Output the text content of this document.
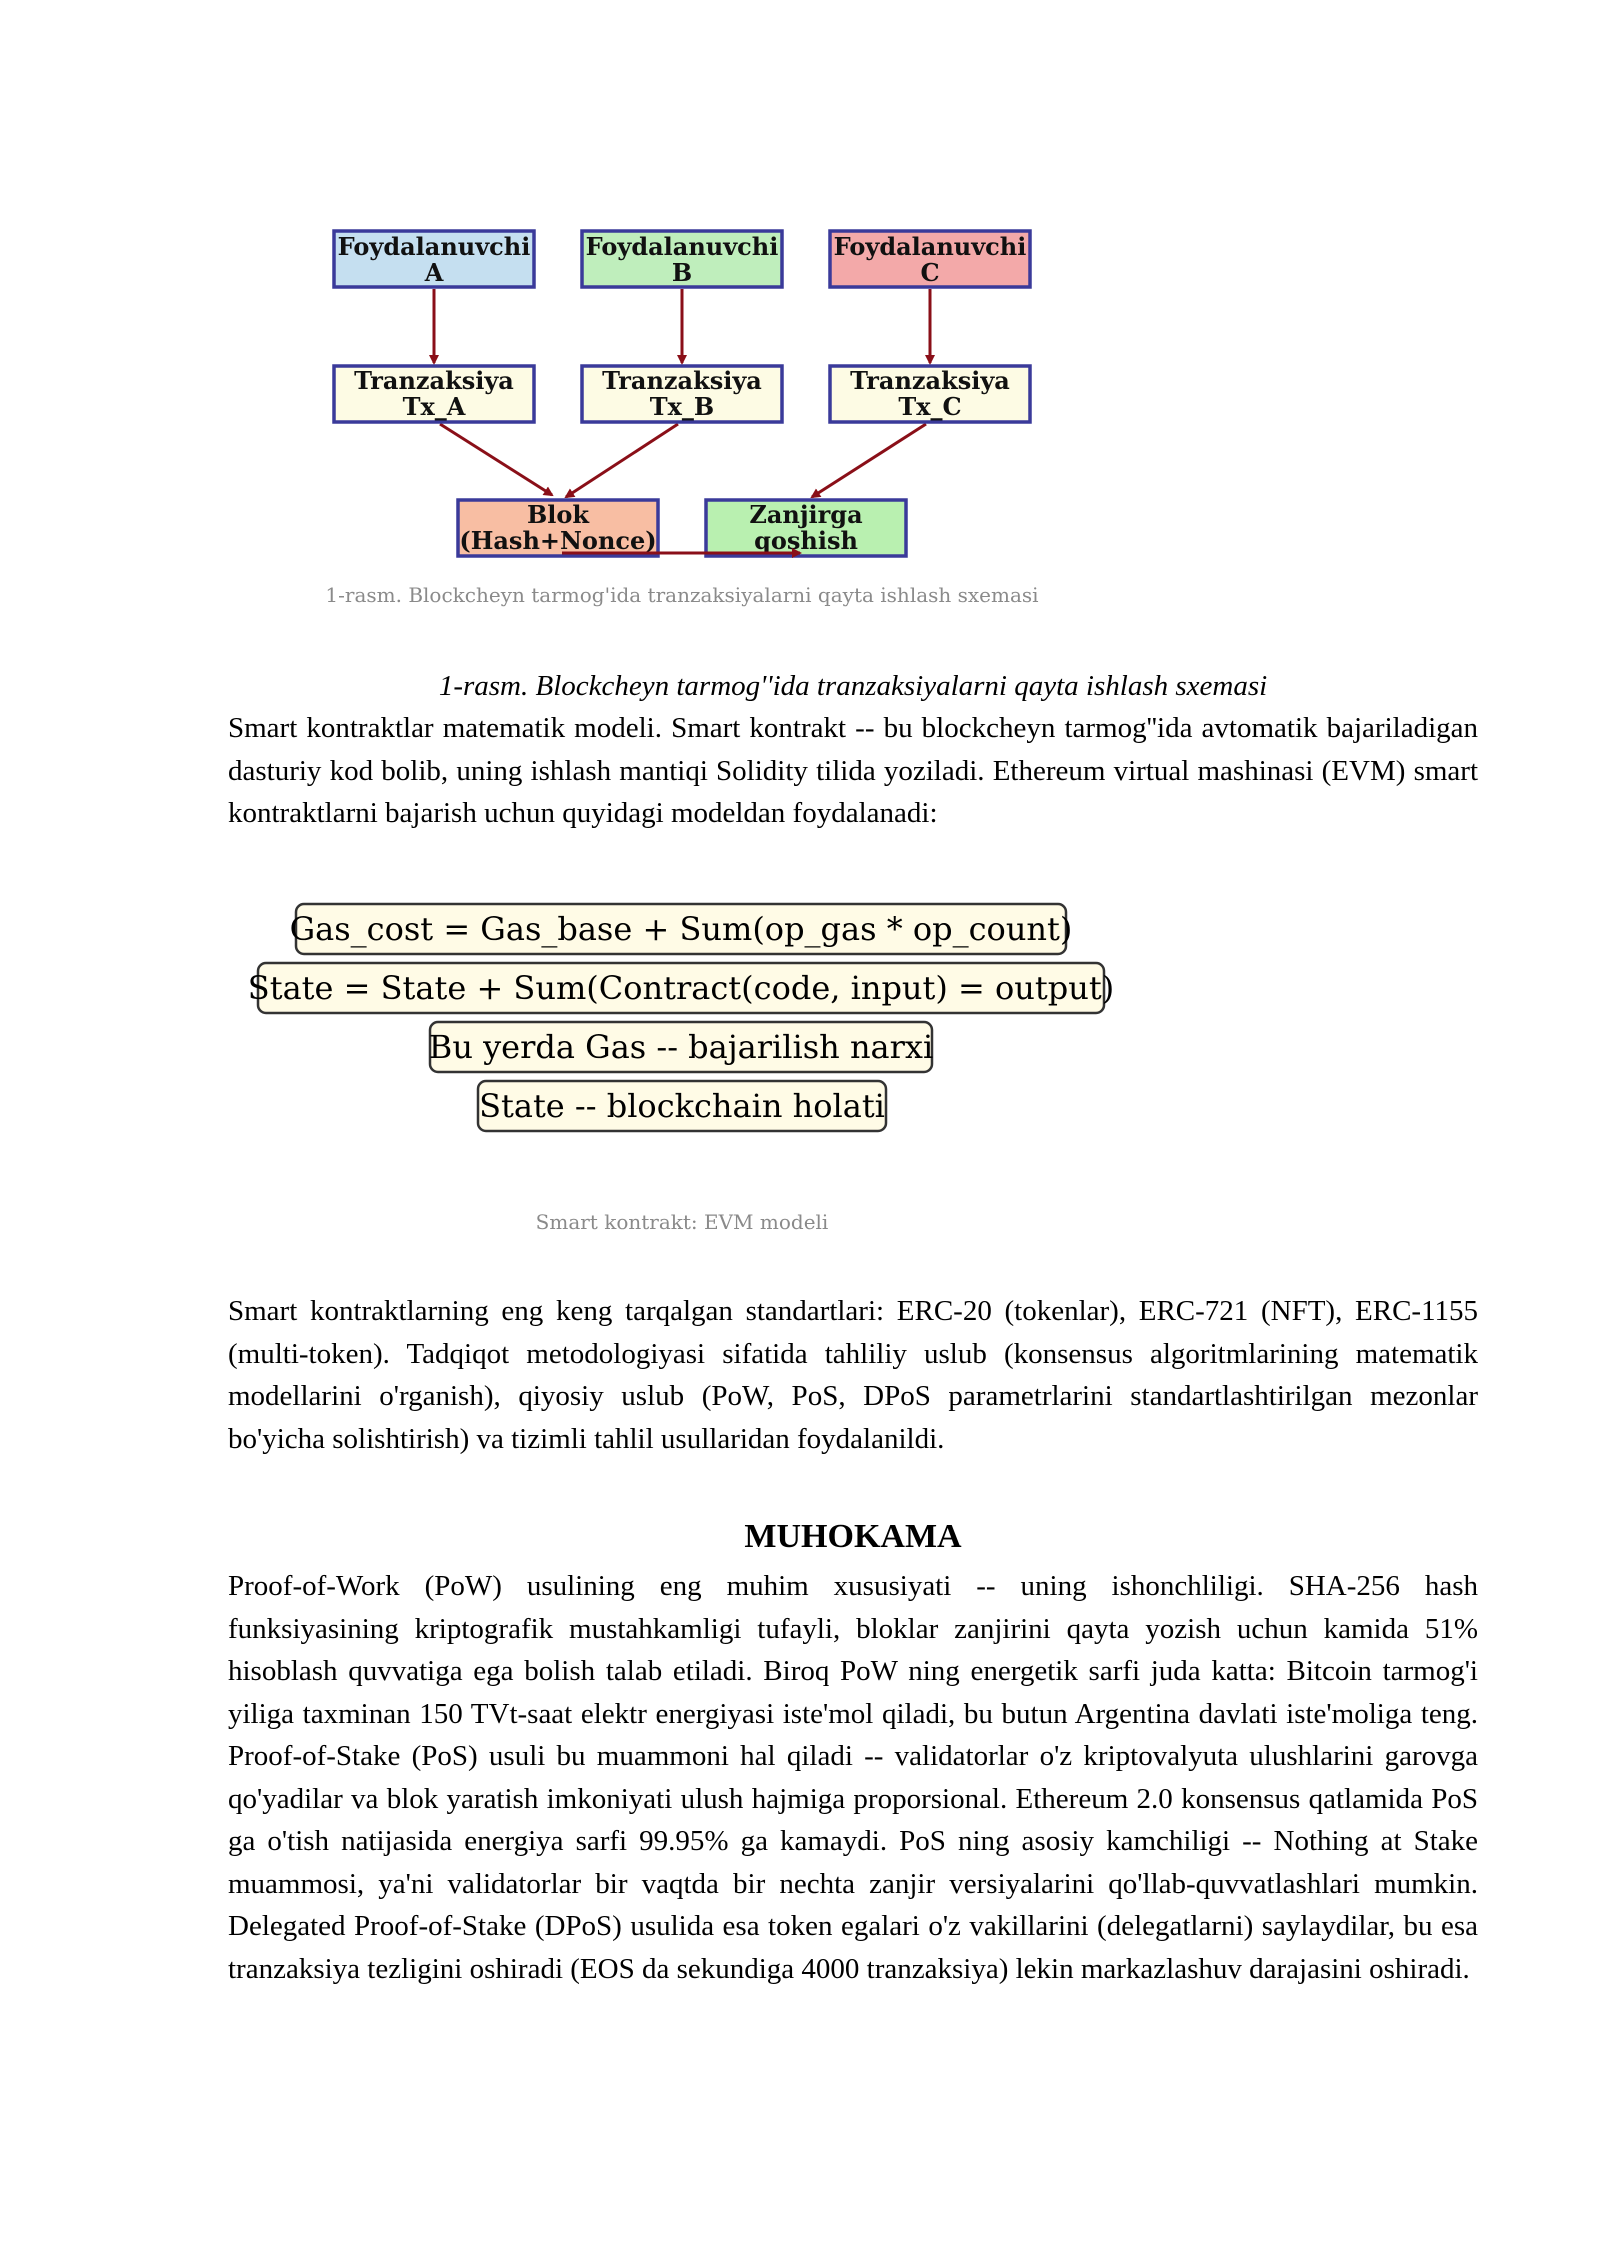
Foydalanuvchi
A
Foydalanuvchi
B
Foydalanuvchi
C
Tranzaksiya
Tx_A
Tranzaksiya
Tx_B
Tranzaksiya
Tx_C
Blok
(Hash+Nonce)
Zanjirga
qoshish
1-rasm. Blockcheyn tarmog'ida tranzaksiyalarni qayta ishlash sxemasi
1-rasm. Blockcheyn tarmog''ida tranzaksiyalarni qayta ishlash sxemasi

Smart kontraktlar matematik modeli. Smart kontrakt -- bu blockcheyn tarmog''ida avtomatik bajariladigan dasturiy kod bolib, uning ishlash mantiqi Solidity tilida yoziladi. Ethereum virtual mashinasi (EVM) smart kontraktlarni bajarish uchun quyidagi modeldan foydalanadi:

Gas_cost = Gas_base + Sum(op_gas * op_count)
State = State + Sum(Contract(code, input) = output)
Bu yerda Gas -- bajarilish narxi
State -- blockchain holati
Smart kontrakt: EVM modeli

Smart kontraktlarning eng keng tarqalgan standartlari: ERC-20 (tokenlar), ERC-721 (NFT), ERC-1155 (multi-token). Tadqiqot metodologiyasi sifatida tahliliy uslub (konsensus algoritmlarining matematik modellarini o'rganish), qiyosiy uslub (PoW, PoS, DPoS parametrlarini standartlashtirilgan mezonlar bo'yicha solishtirish) va tizimli tahlil usullaridan foydalanildi.

MUHOKAMA

Proof-of-Work (PoW) usulining eng muhim xususiyati -- uning ishonchliligi. SHA-256 hash funksiyasining kriptografik mustahkamligi tufayli, bloklar zanjirini qayta yozish uchun kamida 51% hisoblash quvvatiga ega bolish talab etiladi. Biroq PoW ning energetik sarfi juda katta: Bitcoin tarmog'i yiliga taxminan 150 TVt-saat elektr energiyasi iste'mol qiladi, bu butun Argentina davlati iste'moliga teng. Proof-of-Stake (PoS) usuli bu muammoni hal qiladi -- validatorlar o'z kriptovalyuta ulushlarini garovga qo'yadilar va blok yaratish imkoniyati ulush hajmiga proporsional. Ethereum 2.0 konsensus qatlamida PoS ga o'tish natijasida energiya sarfi 99.95% ga kamaydi. PoS ning asosiy kamchiligi -- Nothing at Stake muammosi, ya'ni validatorlar bir vaqtda bir nechta zanjir versiyalarini qo'llab-quvvatlashlari mumkin. Delegated Proof-of-Stake (DPoS) usulida esa token egalari o'z vakillarini (delegatlarni) saylaydilar, bu esa tranzaksiya tezligini oshiradi (EOS da sekundiga 4000 tranzaksiya) lekin markazlashuv darajasini oshiradi.
